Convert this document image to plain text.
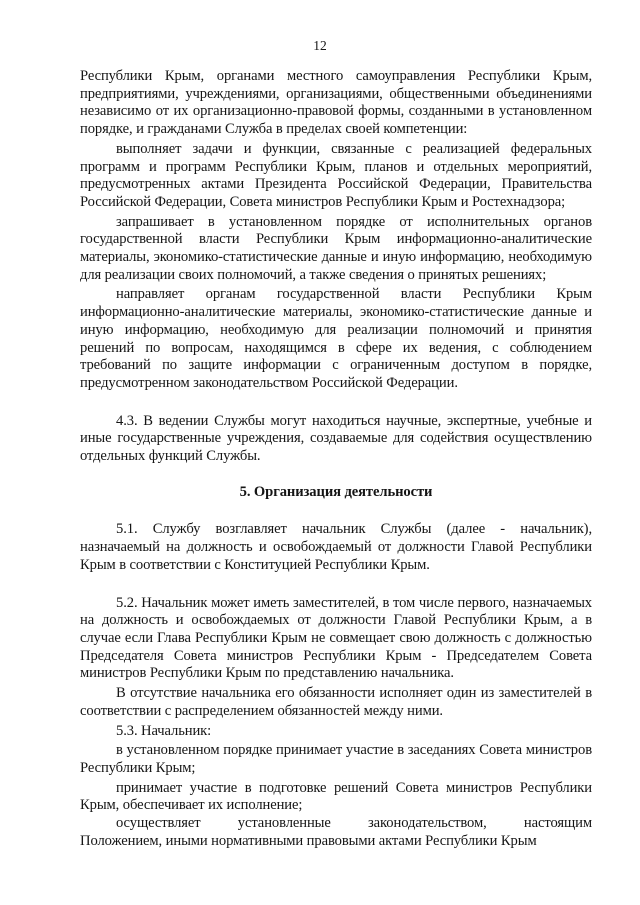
12

Республики Крым, органами местного самоуправления Республики Крым, предприятиями, учреждениями, организациями, общественными объединениями независимо от их организационно-правовой формы, созданными в установленном порядке, и гражданами Служба в пределах своей компетенции:

выполняет задачи и функции, связанные с реализацией федеральных программ и программ Республики Крым, планов и отдельных мероприятий, предусмотренных актами Президента Российской Федерации, Правительства Российской Федерации, Совета министров Республики Крым и Ростехнадзора;

запрашивает в установленном порядке от исполнительных органов государственной власти Республики Крым информационно-аналитические материалы, экономико-статистические данные и иную информацию, необходимую для реализации своих полномочий, а также сведения о принятых решениях;

направляет органам государственной власти Республики Крым информационно-аналитические материалы, экономико-статистические данные и иную информацию, необходимую для реализации полномочий и принятия решений по вопросам, находящимся в сфере их ведения, с соблюдением требований по защите информации с ограниченным доступом в порядке, предусмотренном законодательством Российской Федерации.

4.3. В ведении Службы могут находиться научные, экспертные, учебные и иные государственные учреждения, создаваемые для содействия осуществлению отдельных функций Службы.

5. Организация деятельности

5.1. Службу возглавляет начальник Службы (далее - начальник), назначаемый на должность и освобождаемый от должности Главой Республики Крым в соответствии с Конституцией Республики Крым.

5.2. Начальник может иметь заместителей, в том числе первого, назначаемых на должность и освобождаемых от должности Главой Республики Крым, а в случае если Глава Республики Крым не совмещает свою должность с должностью Председателя Совета министров Республики Крым - Председателем Совета министров Республики Крым по представлению начальника.

В отсутствие начальника его обязанности исполняет один из заместителей в соответствии с распределением обязанностей между ними.

5.3. Начальник:

в установленном порядке принимает участие в заседаниях Совета министров Республики Крым;

принимает участие в подготовке решений Совета министров Республики Крым, обеспечивает их исполнение;

осуществляет	установленные	законодательством,	настоящим

Положением, иными нормативными правовыми актами Республики Крым
